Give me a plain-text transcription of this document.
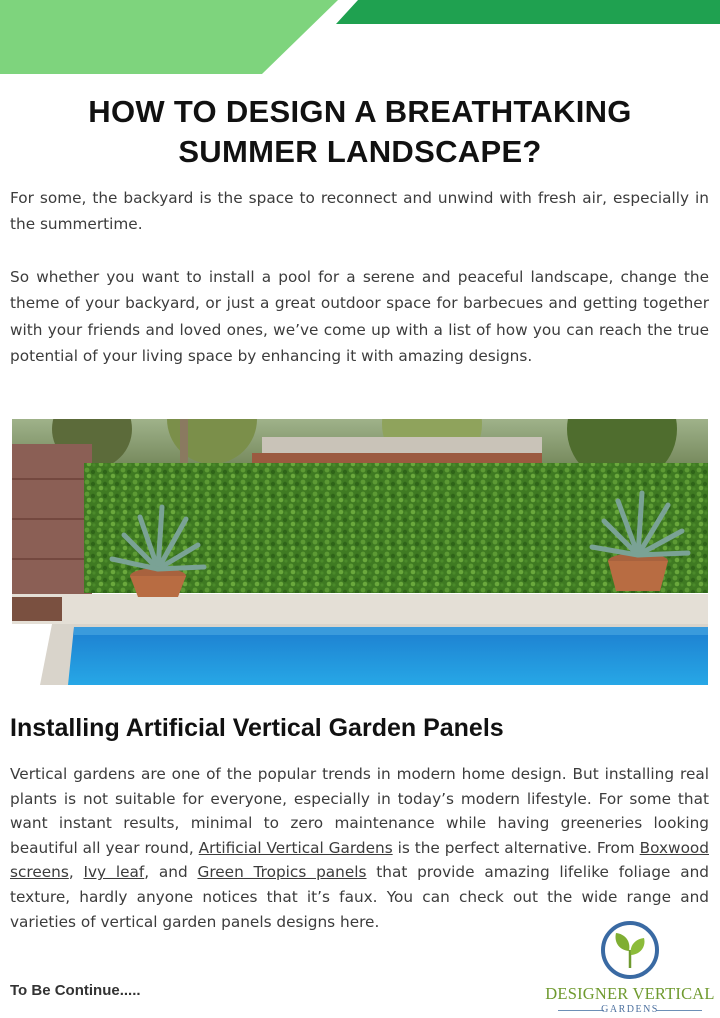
HOW TO DESIGN A BREATHTAKING SUMMER LANDSCAPE?

For some, the backyard is the space to reconnect and unwind with fresh air, especially in the summertime.

So whether you want to install a pool for a serene and peaceful landscape, change the theme of your backyard, or just a great outdoor space for barbecues and getting together with your friends and loved ones, we’ve come up with a list of how you can reach the true potential of your living space by enhancing it with amazing designs.

Installing Artificial Vertical Garden Panels

Vertical gardens are one of the popular trends in modern home design. But installing real plants is not suitable for everyone, especially in today’s modern lifestyle. For some that want instant results, minimal to zero maintenance while having greeneries looking beautiful all year round, Artificial Vertical Gardens is the perfect alternative. From Boxwood screens, Ivy leaf, and Green Tropics panels that provide amazing lifelike foliage and texture, hardly anyone notices that it’s faux. You can check out the wide range and varieties of vertical garden panels designs here.

To Be Continue.....	DESIGNER VERTICAL
GARDENS
